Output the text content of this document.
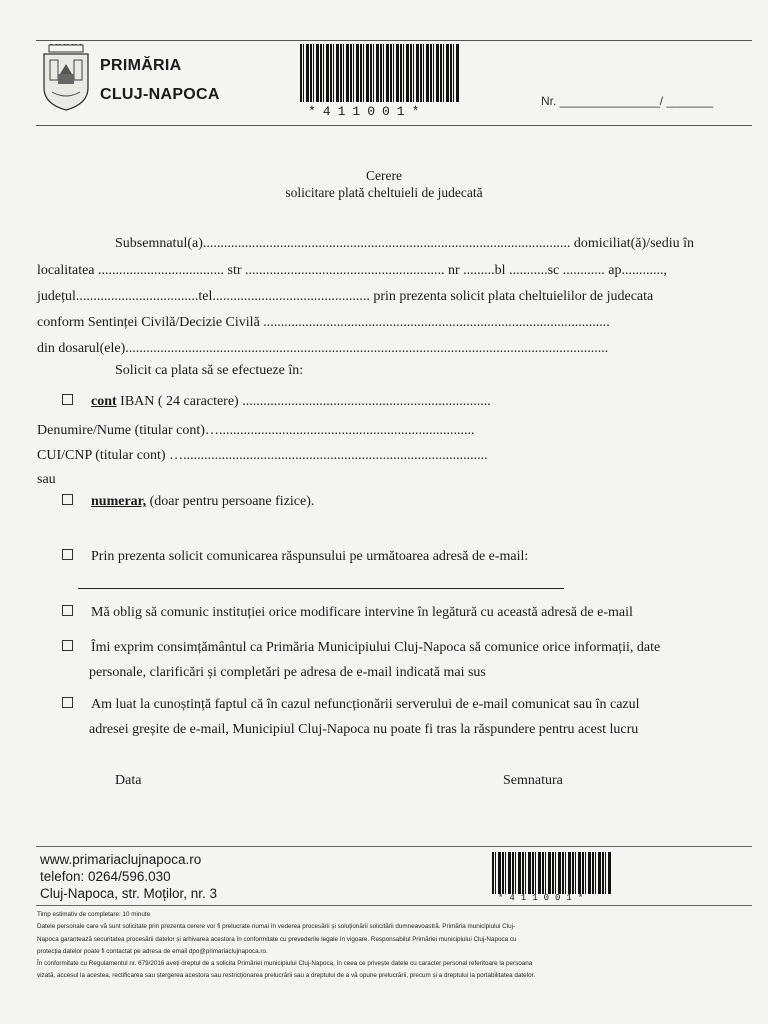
PRIMĂRIA
CLUJ-NAPOCA
*411001*
Nr. _______________/ _______
Cerere
solicitare plată cheltuieli de judecată
Subsemnatul(a)......................................................................................................... domiciliat(ă)/sediu în
localitatea .................................... str ......................................................... nr .........bl ...........sc ............ ap............,
județul...................................tel............................................. prin prezenta solicit plata cheltuielilor de judecata
conform Sentinței Civilă/Decizie Civilă ...................................................................................................
din dosarul(ele)..........................................................................................................................................
Solicit ca plata să se efectueze în:
cont IBAN ( 24 caractere) .......................................................................
Denumire/Nume (titular cont)….........................................................................
CUI/CNP (titular cont) ….......................................................................................
sau
numerar, (doar pentru persoane fizice).
Prin prezenta solicit comunicarea răspunsului pe următoarea adresă de e-mail:
Mă oblig să comunic instituției orice modificare intervine în legătură cu această adresă de e-mail
Îmi exprim consimțământul ca Primăria Municipiului Cluj-Napoca să comunice orice informații, date
personale, clarificări și completări pe adresa de e-mail indicată mai sus
Am luat la cunoștință faptul că în cazul nefuncționării serverului de e-mail comunicat sau în cazul
adresei greșite de e-mail, Municipiul Cluj-Napoca nu poate fi tras la răspundere pentru acest lucru
Data	Semnatura
www.primariaclujnapoca.ro
telefon: 0264/596.030
Cluj-Napoca, str. Moților, nr. 3	*411001*
Timp estimativ de completare: 10 minute
Datele personale care vă sunt solicitate prin prezenta cerere vor fi prelucrate numai în vederea procesării și soluționării solicitării dumneavoastră. Primăria municipiului Cluj-
Napoca garantează securitatea procesării datelor și arhivarea acestora în conformitate cu prevederile legale în vigoare. Responsabilul Primăriei municipiului Cluj-Napoca cu
protecția datelor poate fi contactat pe adresa de email dpo@primariaclujnapoca.ro.
În conformitate cu Regulamentul nr. 679/2016 aveți dreptul de a solicita Primăriei municipiului Cluj-Napoca, în ceea ce privește datele cu caracter personal referitoare la persoana
vizată, accesul la acestea, rectificarea sau ștergerea acestora sau restricționarea prelucrării sau a dreptului de a vă opune prelucrării, precum și a dreptului la portabilitatea datelor.
